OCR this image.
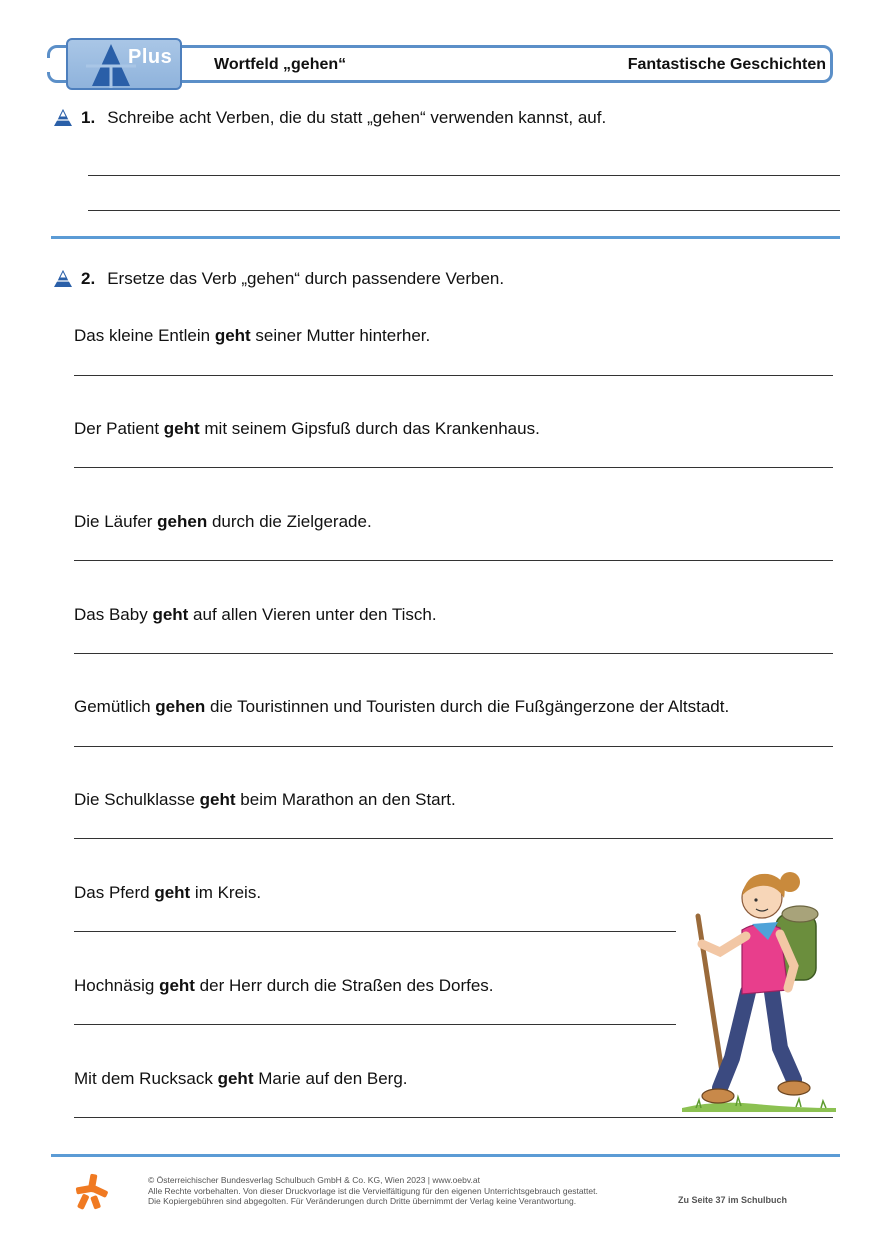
Plus	Wortfeld „gehen“	Fantastische Geschichten
1. Schreibe acht Verben, die du statt „gehen“ verwenden kannst, auf.
2. Ersetze das Verb „gehen“ durch passendere Verben.
Das kleine Entlein geht seiner Mutter hinterher.
Der Patient geht mit seinem Gipsfuß durch das Krankenhaus.
Die Läufer gehen durch die Zielgerade.
Das Baby geht auf allen Vieren unter den Tisch.
Gemütlich gehen die Touristinnen und Touristen durch die Fußgängerzone der Altstadt.
Die Schulklasse geht beim Marathon an den Start.
Das Pferd geht im Kreis.
Hochnäsig geht der Herr durch die Straßen des Dorfes.
Mit dem Rucksack geht Marie auf den Berg.
© Österreichischer Bundesverlag Schulbuch GmbH & Co. KG, Wien 2023 | www.oebv.at
Alle Rechte vorbehalten. Von dieser Druckvorlage ist die Vervielfältigung für den eigenen Unterrichtsgebrauch gestattet.
Die Kopiergebühren sind abgegolten. Für Veränderungen durch Dritte übernimmt der Verlag keine Verantwortung.	Zu Seite 37 im Schulbuch
